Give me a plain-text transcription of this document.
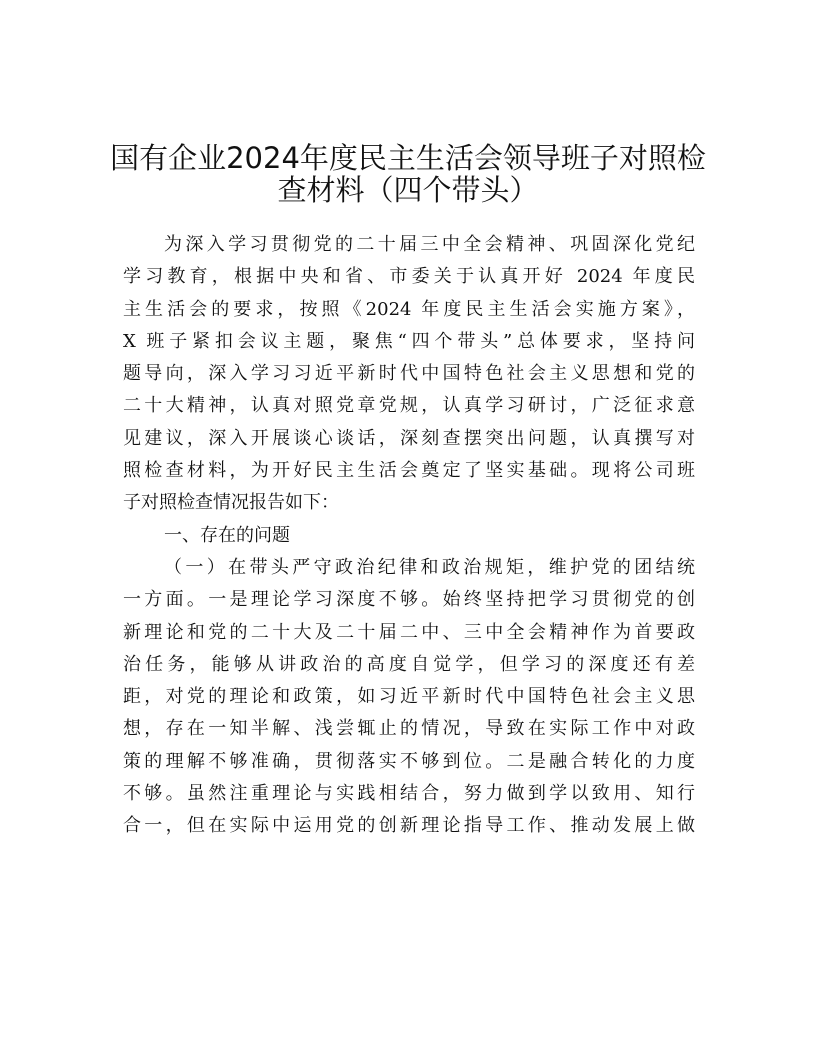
国有企业2024年度民主生活会领导班子对照检
查材料（四个带头）
为深入学习贯彻党的二十届三中全会精神、巩固深化党纪
学习教育，根据中央和省、市委关于认真开好 2024 年度民
主生活会的要求，按照《2024 年度民主生活会实施方案》，
X 班子紧扣会议主题，聚焦“四个带头”总体要求，坚持问
题导向，深入学习习近平新时代中国特色社会主义思想和党的
二十大精神，认真对照党章党规，认真学习研讨，广泛征求意
见建议，深入开展谈心谈话，深刻查摆突出问题，认真撰写对
照检查材料，为开好民主生活会奠定了坚实基础。现将公司班
子对照检查情况报告如下：
一、存在的问题
（一）在带头严守政治纪律和政治规矩，维护党的团结统
一方面。一是理论学习深度不够。始终坚持把学习贯彻党的创
新理论和党的二十大及二十届二中、三中全会精神作为首要政
治任务，能够从讲政治的高度自觉学，但学习的深度还有差
距，对党的理论和政策，如习近平新时代中国特色社会主义思
想，存在一知半解、浅尝辄止的情况，导致在实际工作中对政
策的理解不够准确，贯彻落实不够到位。二是融合转化的力度
不够。虽然注重理论与实践相结合，努力做到学以致用、知行
合一，但在实际中运用党的创新理论指导工作、推动发展上做
